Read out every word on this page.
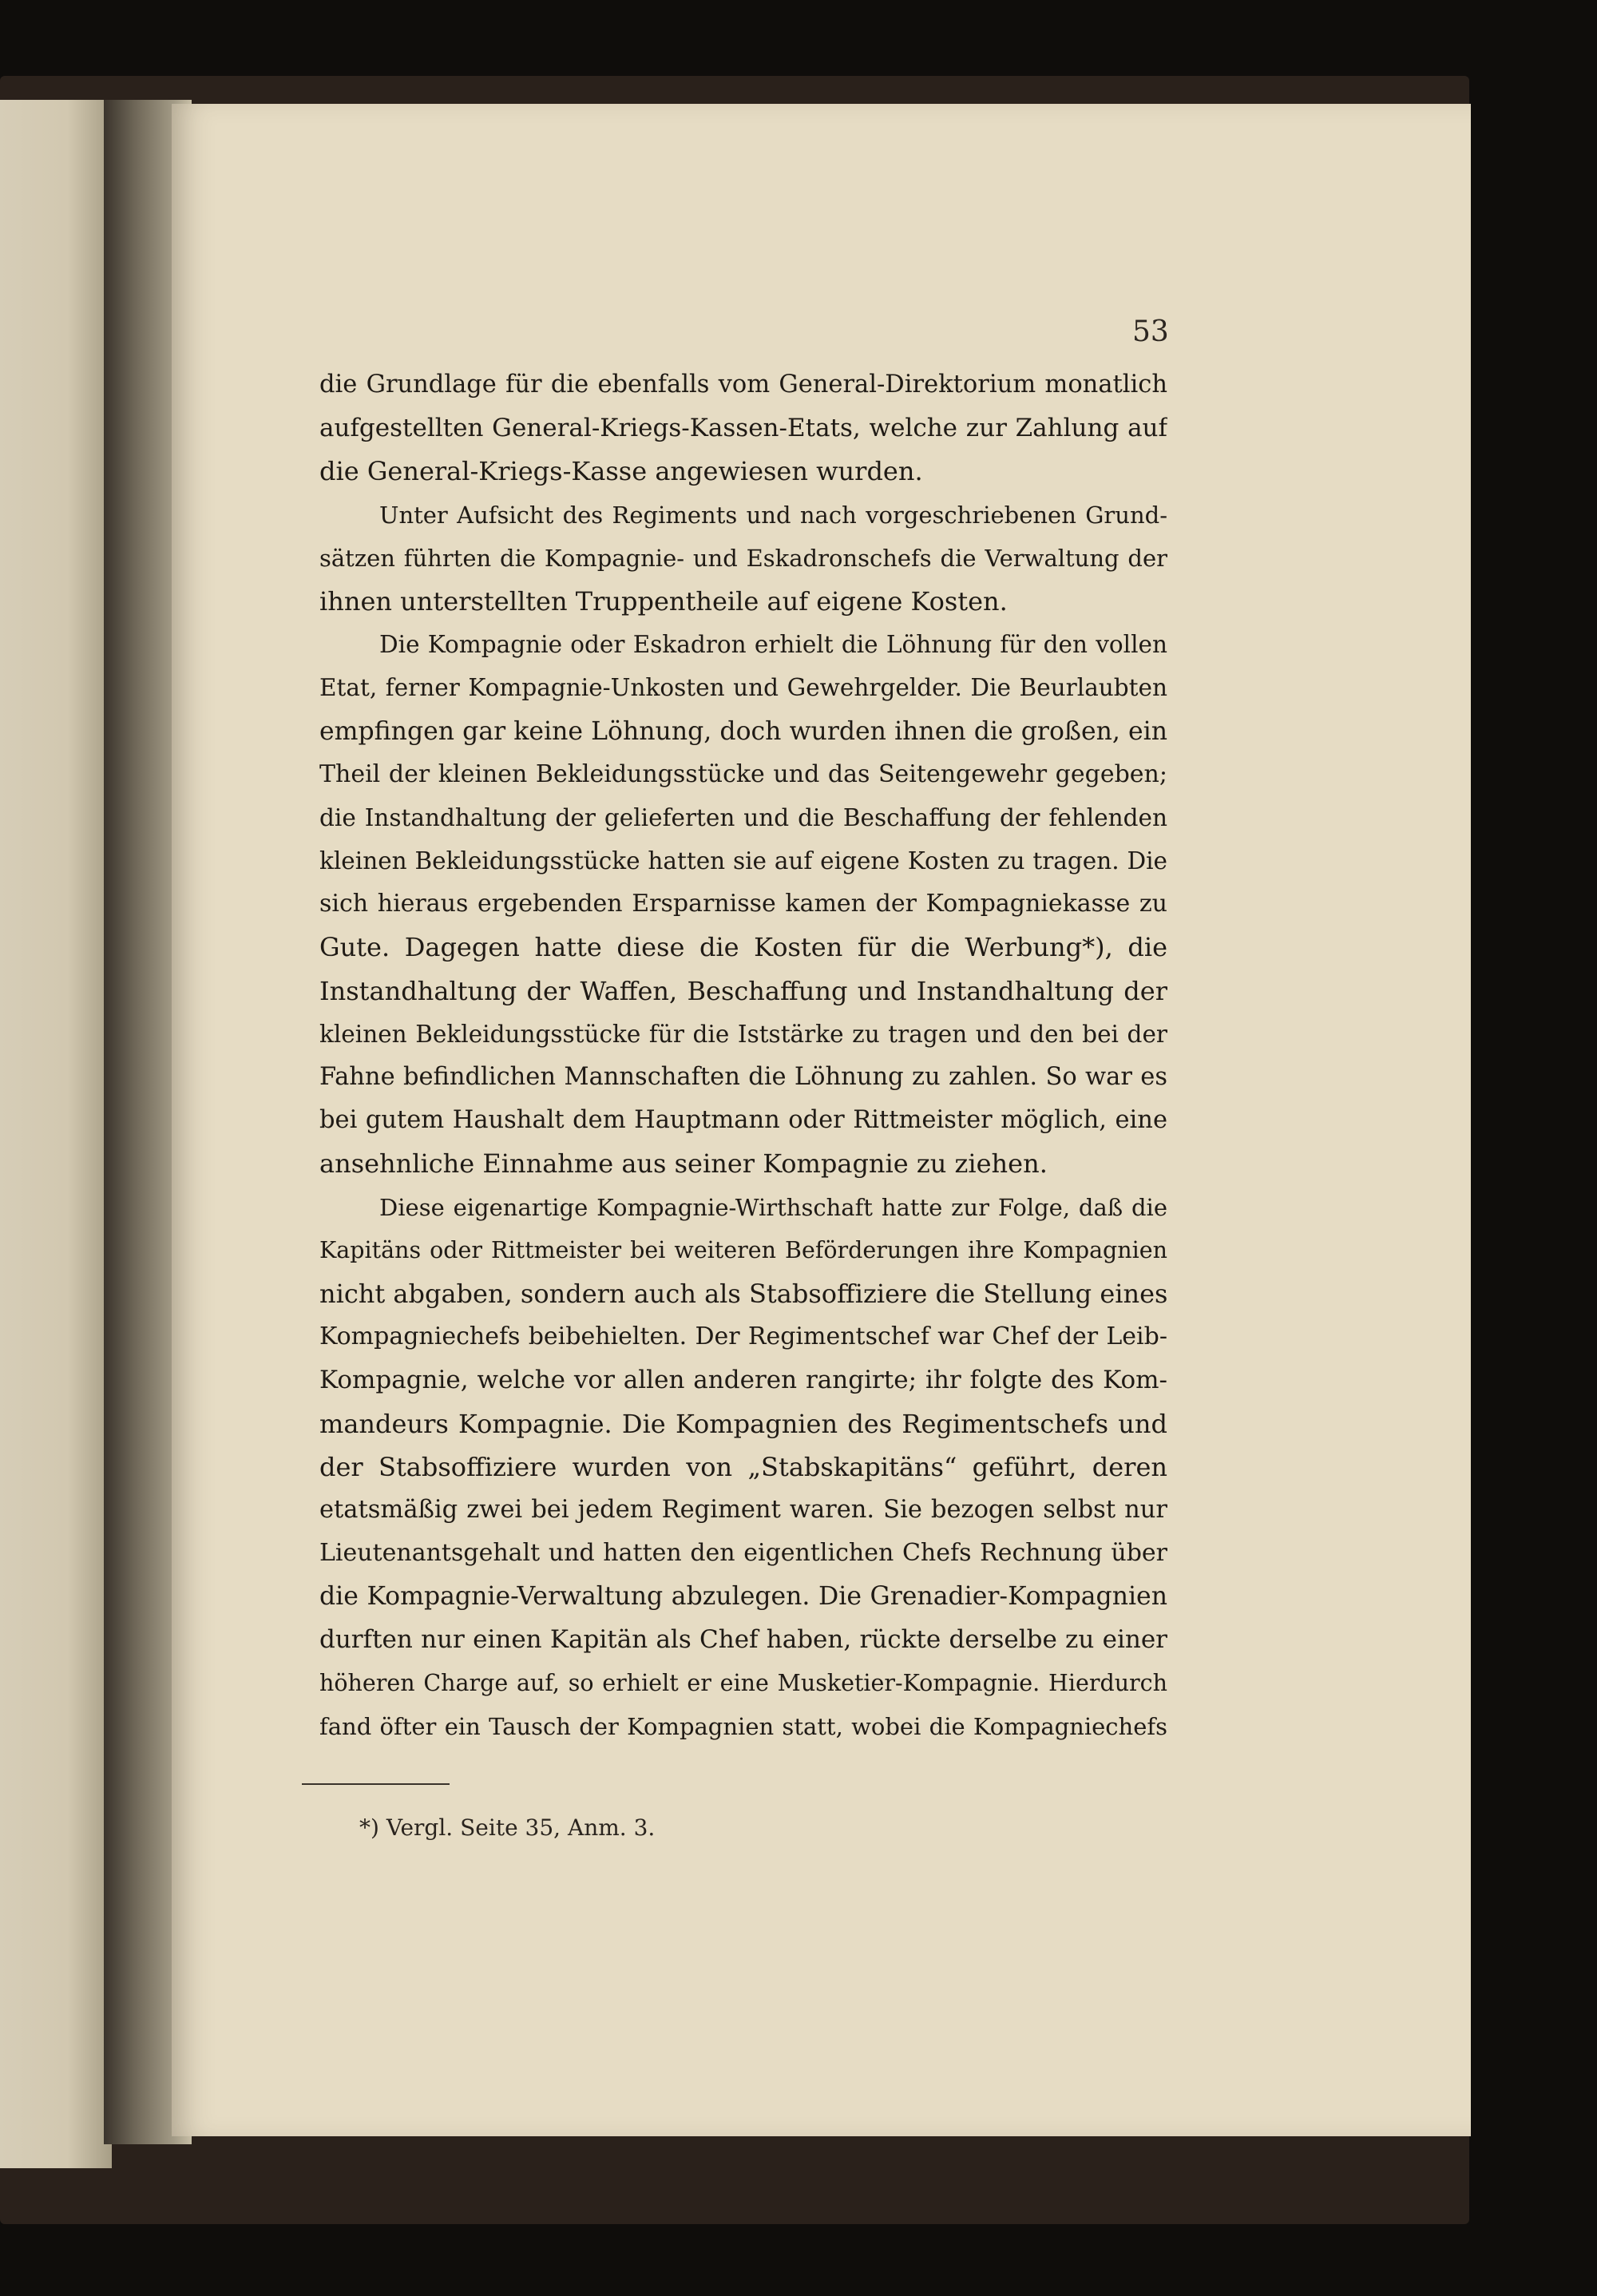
53
die Grundlage für die ebenfalls vom General-Direktorium monatlich
aufgestellten General-Kriegs-Kassen-Etats, welche zur Zahlung auf
die General-Kriegs-Kasse angewiesen wurden.
Unter Aufsicht des Regiments und nach vorgeschriebenen Grund-
sätzen führten die Kompagnie- und Eskadronschefs die Verwaltung der
ihnen unterstellten Truppentheile auf eigene Kosten.
Die Kompagnie oder Eskadron erhielt die Löhnung für den vollen
Etat, ferner Kompagnie-Unkosten und Gewehrgelder. Die Beurlaubten
empfingen gar keine Löhnung, doch wurden ihnen die großen, ein
Theil der kleinen Bekleidungsstücke und das Seitengewehr gegeben;
die Instandhaltung der gelieferten und die Beschaffung der fehlenden
kleinen Bekleidungsstücke hatten sie auf eigene Kosten zu tragen. Die
sich hieraus ergebenden Ersparnisse kamen der Kompagniekasse zu
Gute. Dagegen hatte diese die Kosten für die Werbung*), die
Instandhaltung der Waffen, Beschaffung und Instandhaltung der
kleinen Bekleidungsstücke für die Iststärke zu tragen und den bei der
Fahne befindlichen Mannschaften die Löhnung zu zahlen. So war es
bei gutem Haushalt dem Hauptmann oder Rittmeister möglich, eine
ansehnliche Einnahme aus seiner Kompagnie zu ziehen.
Diese eigenartige Kompagnie-Wirthschaft hatte zur Folge, daß die
Kapitäns oder Rittmeister bei weiteren Beförderungen ihre Kompagnien
nicht abgaben, sondern auch als Stabsoffiziere die Stellung eines
Kompagniechefs beibehielten. Der Regimentschef war Chef der Leib-
Kompagnie, welche vor allen anderen rangirte; ihr folgte des Kom-
mandeurs Kompagnie. Die Kompagnien des Regimentschefs und
der Stabsoffiziere wurden von „Stabskapitäns“ geführt, deren
etatsmäßig zwei bei jedem Regiment waren. Sie bezogen selbst nur
Lieutenantsgehalt und hatten den eigentlichen Chefs Rechnung über
die Kompagnie-Verwaltung abzulegen. Die Grenadier-Kompagnien
durften nur einen Kapitän als Chef haben, rückte derselbe zu einer
höheren Charge auf, so erhielt er eine Musketier-Kompagnie. Hierdurch
fand öfter ein Tausch der Kompagnien statt, wobei die Kompagniechefs
*) Vergl. Seite 35, Anm. 3.
